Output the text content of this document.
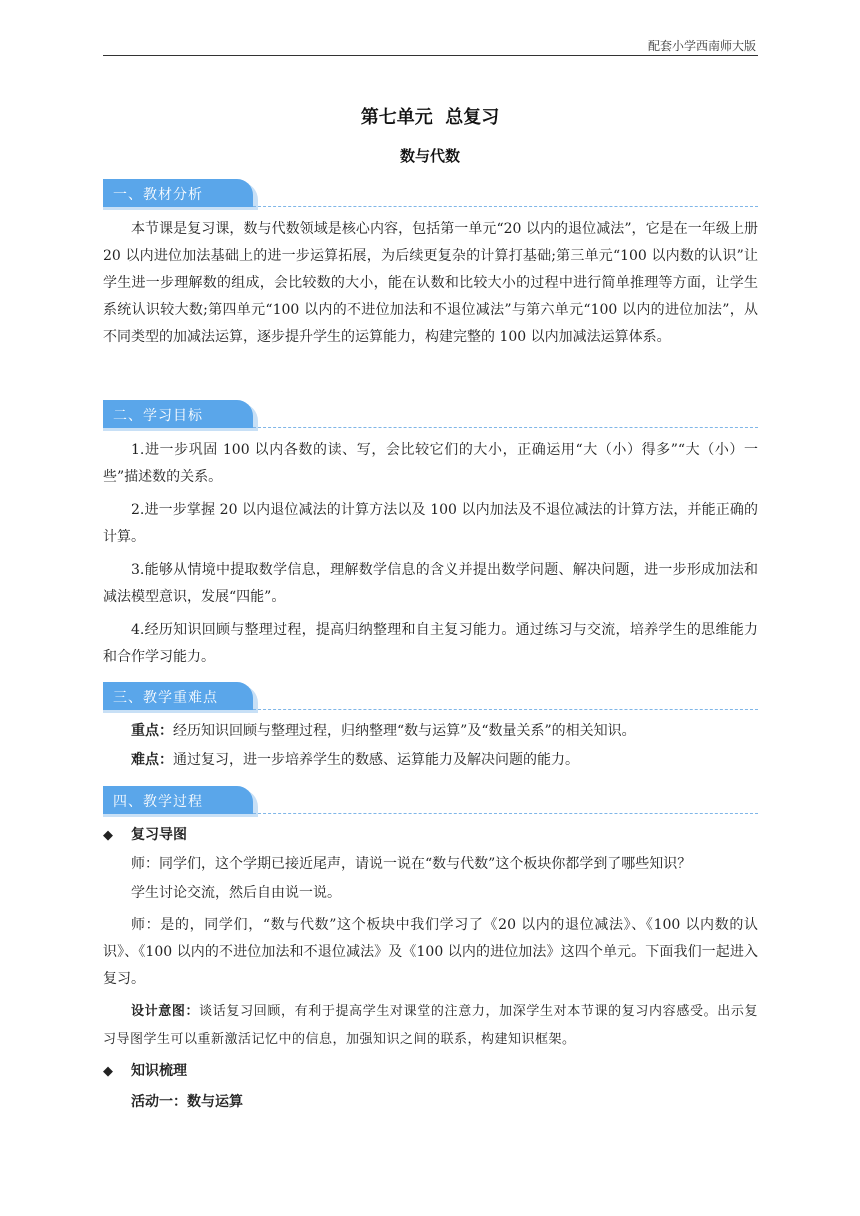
配套小学西南师大版
第七单元  总复习
数与代数
一、教材分析

本节课是复习课，数与代数领域是核心内容，包括第一单元“20 以内的退位减法”，它是在一年级上册 20 以内进位加法基础上的进一步运算拓展，为后续更复杂的计算打基础;第三单元“100 以内数的认识”让学生进一步理解数的组成，会比较数的大小，能在认数和比较大小的过程中进行简单推理等方面，让学生系统认识较大数;第四单元“100 以内的不进位加法和不退位减法”与第六单元“100 以内的进位加法”，从不同类型的加减法运算，逐步提升学生的运算能力，构建完整的 100 以内加减法运算体系。

二、学习目标

1.进一步巩固 100 以内各数的读、写，会比较它们的大小，正确运用“大（小）得多”“大（小）一些”描述数的关系。

2.进一步掌握 20 以内退位减法的计算方法以及 100 以内加法及不退位减法的计算方法，并能正确的计算。

3.能够从情境中提取数学信息，理解数学信息的含义并提出数学问题、解决问题，进一步形成加法和减法模型意识，发展“四能”。

4.经历知识回顾与整理过程，提高归纳整理和自主复习能力。通过练习与交流，培养学生的思维能力和合作学习能力。

三、教学重难点

重点：经历知识回顾与整理过程，归纳整理“数与运算”及“数量关系”的相关知识。

难点：通过复习，进一步培养学生的数感、运算能力及解决问题的能力。

四、教学过程
◆ 复习导图

师：同学们，这个学期已接近尾声，请说一说在“数与代数”这个板块你都学到了哪些知识？

学生讨论交流，然后自由说一说。

师：是的，同学们，“数与代数”这个板块中我们学习了《20 以内的退位减法》、《100 以内数的认识》、《100 以内的不进位加法和不退位减法》及《100 以内的进位加法》这四个单元。下面我们一起进入复习。

设计意图：谈话复习回顾，有利于提高学生对课堂的注意力，加深学生对本节课的复习内容感受。出示复习导图学生可以重新激活记忆中的信息，加强知识之间的联系，构建知识框架。

◆ 知识梳理

活动一：数与运算
